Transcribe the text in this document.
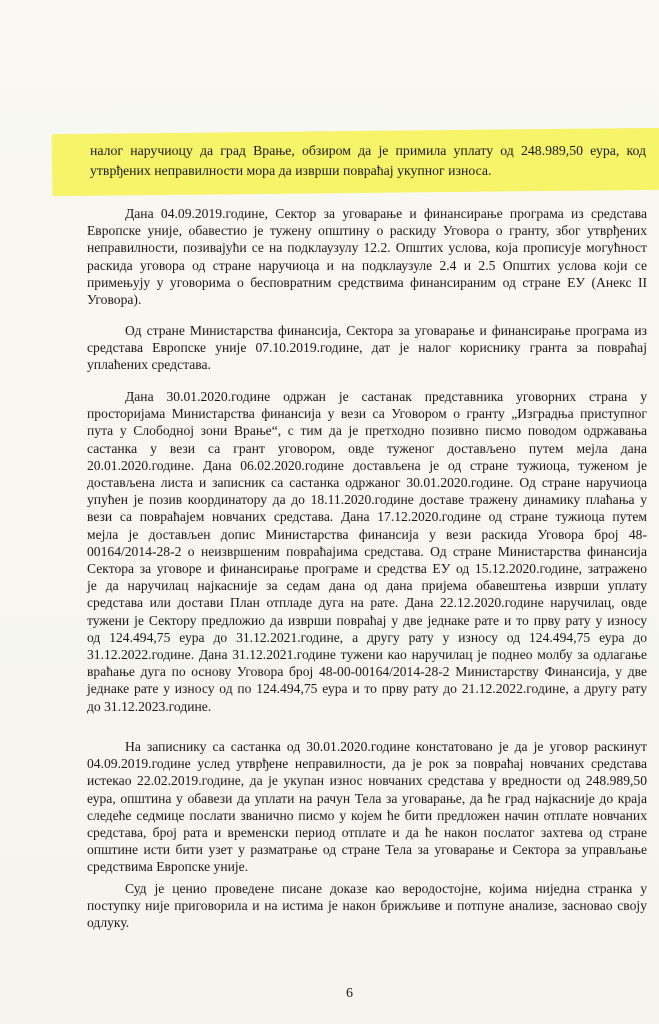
налог наручиоцу да град Врање, обзиром да је примила уплату од 248.989,50 еура, код
утврђених неправилности мора да изврши повраћај укупног износа.
Дана 04.09.2019.године, Сектор за уговарање и финансирање програма из средстава
Европске уније, обавестио је тужену општину о раскиду Уговора о гранту, због утврђених
неправилности, позивајући се на подклаузулу 12.2. Општих услова, која прописује могућност
раскида уговора од стране наручиоца и на подклаузуле 2.4 и 2.5 Општих услова који се
примењују у уговорима о бесповратним средствима финансираним од стране ЕУ (Анекс II
Уговора).
Од стране Министарства финансија, Сектора за уговарање и финансирање програма из
средстава Европске уније 07.10.2019.године, дат је налог кориснику гранта за повраћај
уплаћених средстава.
Дана 30.01.2020.године одржан је састанак представника уговорних страна у
просторијама Министарства финансија у вези са Уговором о гранту „Изградња приступног
пута у Слободној зони Врање“, с тим да је претходно позивно писмо поводом одржавања
састанка у вези са грант уговором, овде туженог достављено путем мејла дана
20.01.2020.године. Дана 06.02.2020.године достављена је од стране тужиоца, туженом је
достављена листа и записник са састанка одржаног 30.01.2020.године. Од стране наручиоца
упућен је позив координатору да до 18.11.2020.године доставе тражену динамику плаћања у
вези са повраћајем новчаних средстава. Дана 17.12.2020.године од стране тужиоца путем
мејла је достављен допис Министарства финансија у вези раскида Уговора број 48-
00164/2014-28-2 о неизвршеним повраћајима средстава. Од стране Министарства финансија
Сектора за уговоре и финансирање програме и средства ЕУ од 15.12.2020.године, затражено
је да наручилац најкасније за седам дана од дана пријема обавештења изврши уплату
средстава или достави План отпладе дуга на рате. Дана 22.12.2020.године наручилац, овде
тужени је Сектору предложио да изврши повраћај у две једнаке рате и то прву рату у износу
од 124.494,75 еура до 31.12.2021.године, а другу рату у износу од 124.494,75 еура до
31.12.2022.године. Дана 31.12.2021.године тужени као наручилац је поднео молбу за одлагање
враћање дуга по основу Уговора број 48-00-00164/2014-28-2 Министарству Финансија, у две
једнаке рате у износу од по 124.494,75 еура и то прву рату до 21.12.2022.године, а другу рату
до 31.12.2023.године.
На записнику са састанка од 30.01.2020.године констатовано је да је уговор раскинут
04.09.2019.године услед утврђене неправилности, да је рок за повраћај новчаних средстава
истекао 22.02.2019.године, да је укупан износ новчаних средстава у вредности од 248.989,50
еура, општина у обавези да уплати на рачун Тела за уговарање, да ће град најкасније до краја
следеће седмице послати званично писмо у којем ће бити предложен начин отплате новчаних
средстава, број рата и временски период отплате и да ће након послатог захтева од стране
општине исти бити узет у разматрање од стране Тела за уговарање и Сектора за управљање
средствима Европске уније.
Суд је ценио проведене писане доказе као веродостојне, којима ниједна странка у
поступку није приговорила и на истима је након брижљиве и потпуне анализе, засновао своју
одлуку.
6
